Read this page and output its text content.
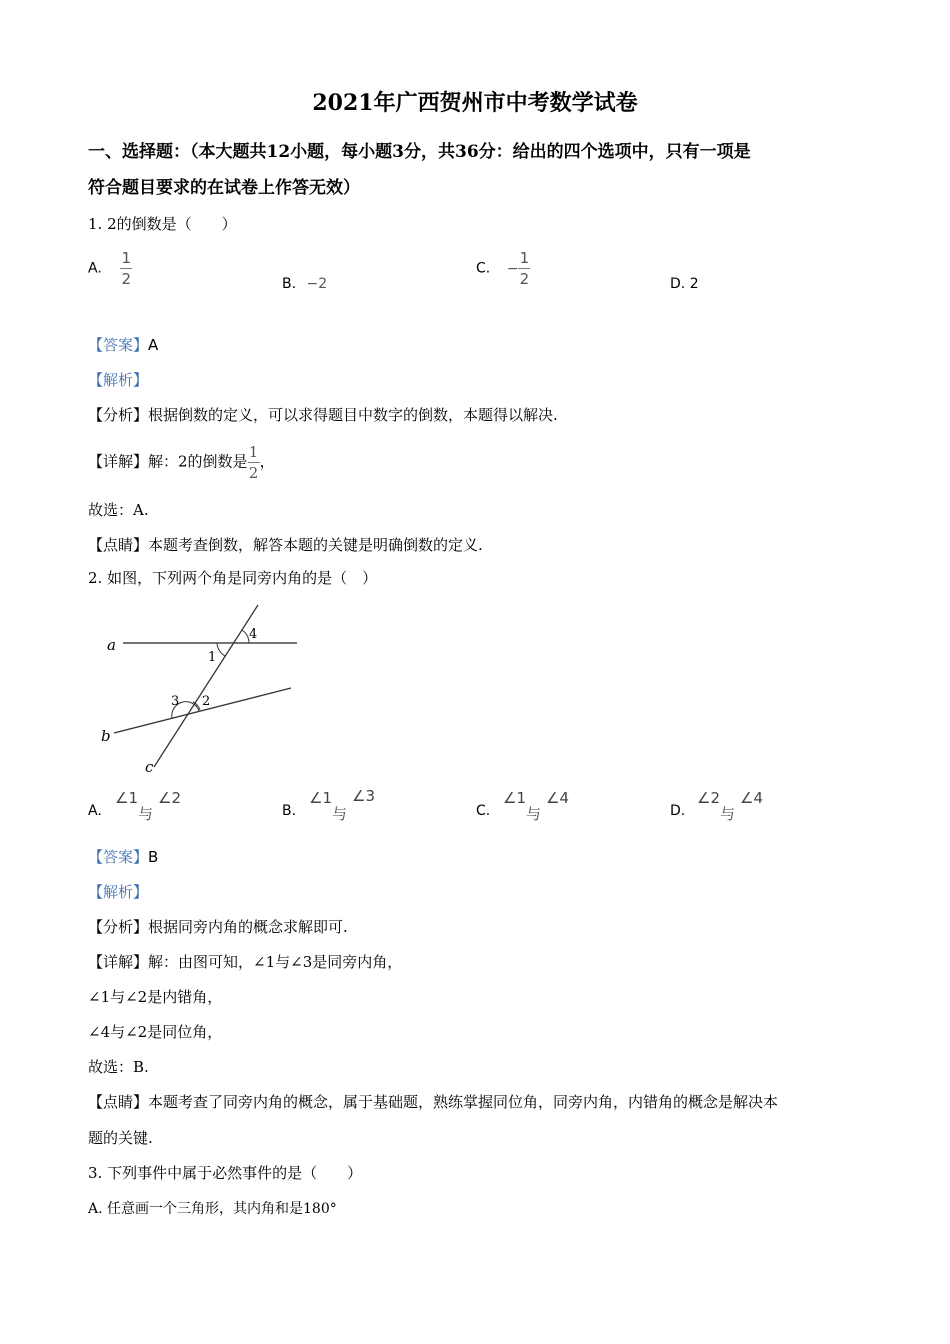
2021年广西贺州市中考数学试卷
一、选择题：（本大题共12小题，每小题3分，共36分：给出的四个选项中，只有一项是
符合题目要求的在试卷上作答无效）
1. 2的倒数是（　　）
A. $\frac{1}{2}$	B. −2
C. − $\frac{1}{2}$	D. 2
【答案】A
【解析】
【分析】根据倒数的定义，可以求得题目中数字的倒数，本题得以解决.
【详解】解：2的倒数是 $\frac{1}{2}$ ，
故选：A.
【点睛】本题考查倒数，解答本题的关键是明确倒数的定义.
2. 如图，下列两个角是同旁内角的是（　）
a
1
4
3 2
b
c
A.
∠1
与
∠2
B.
∠1
与
∠3
C.
∠1
与
∠4
D.
∠2
与
∠4
【答案】B
【解析】
【分析】根据同旁内角的概念求解即可.
【详解】解：由图可知，∠1与∠3是同旁内角，
∠1与∠2是内错角，
∠4与∠2是同位角，
故选：B.
【点睛】本题考查了同旁内角的概念，属于基础题，熟练掌握同位角，同旁内角，内错角的概念是解决本
题的关键.
3. 下列事件中属于必然事件的是（　　）
A. 任意画一个三角形，其内角和是180°
